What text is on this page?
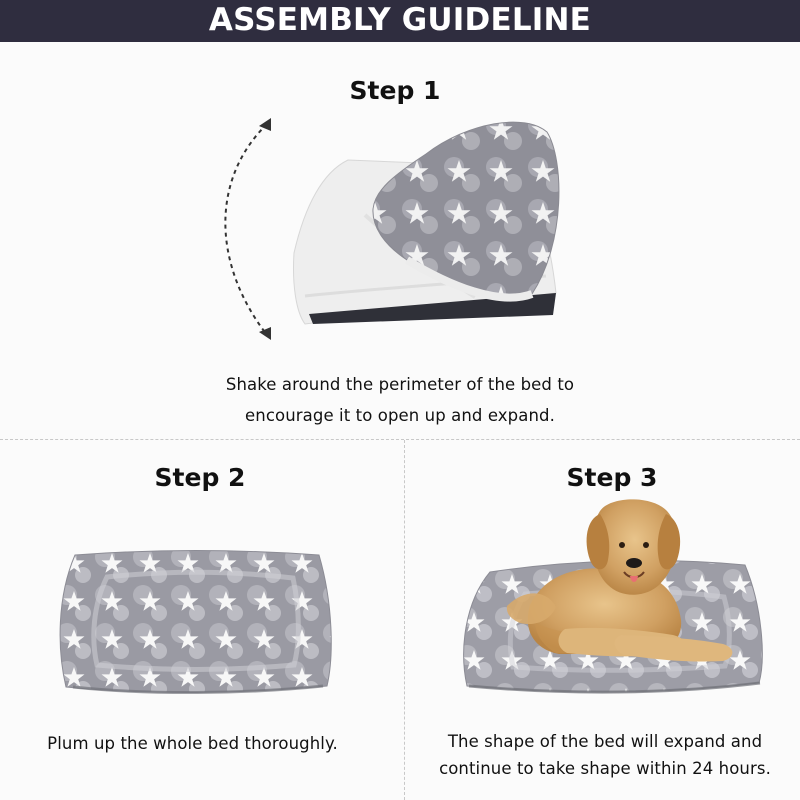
ASSEMBLY GUIDELINE
Step 1
Shake around the perimeter of the bed to
encourage it to open up and expand.
Step 2
Plum up the whole bed thoroughly.
Step 3
The shape of the bed will expand and
continue to take shape within 24 hours.
